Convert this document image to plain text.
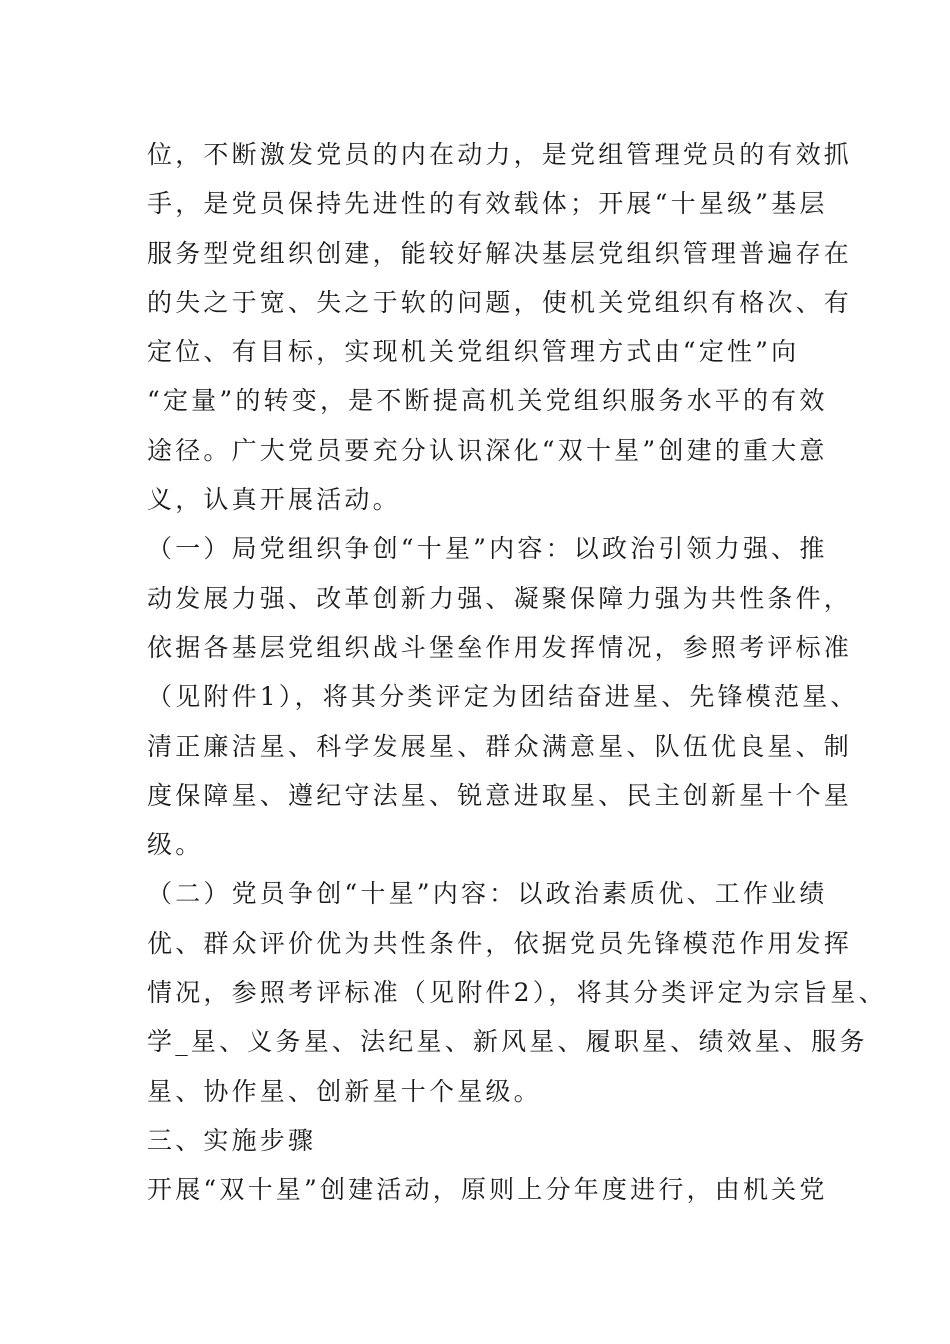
位，不断激发党员的内在动力，是党组管理党员的有效抓
手，是党员保持先进性的有效载体；开展“十星级”基层
服务型党组织创建，能较好解决基层党组织管理普遍存在
的失之于宽、失之于软的问题，使机关党组织有格次、有
定位、有目标，实现机关党组织管理方式由“定性”向
“定量”的转变，是不断提高机关党组织服务水平的有效
途径。广大党员要充分认识深化“双十星”创建的重大意
义，认真开展活动。
（一）局党组织争创“十星”内容：以政治引领力强、推
动发展力强、改革创新力强、凝聚保障力强为共性条件，
依据各基层党组织战斗堡垒作用发挥情况，参照考评标准
（见附件1），将其分类评定为团结奋进星、先锋模范星、
清正廉洁星、科学发展星、群众满意星、队伍优良星、制
度保障星、遵纪守法星、锐意进取星、民主创新星十个星
级。
（二）党员争创“十星”内容：以政治素质优、工作业绩
优、群众评价优为共性条件，依据党员先锋模范作用发挥
情况，参照考评标准（见附件2），将其分类评定为宗旨星、
学_星、义务星、法纪星、新风星、履职星、绩效星、服务
星、协作星、创新星十个星级。
三、实施步骤
开展“双十星”创建活动，原则上分年度进行，由机关党
